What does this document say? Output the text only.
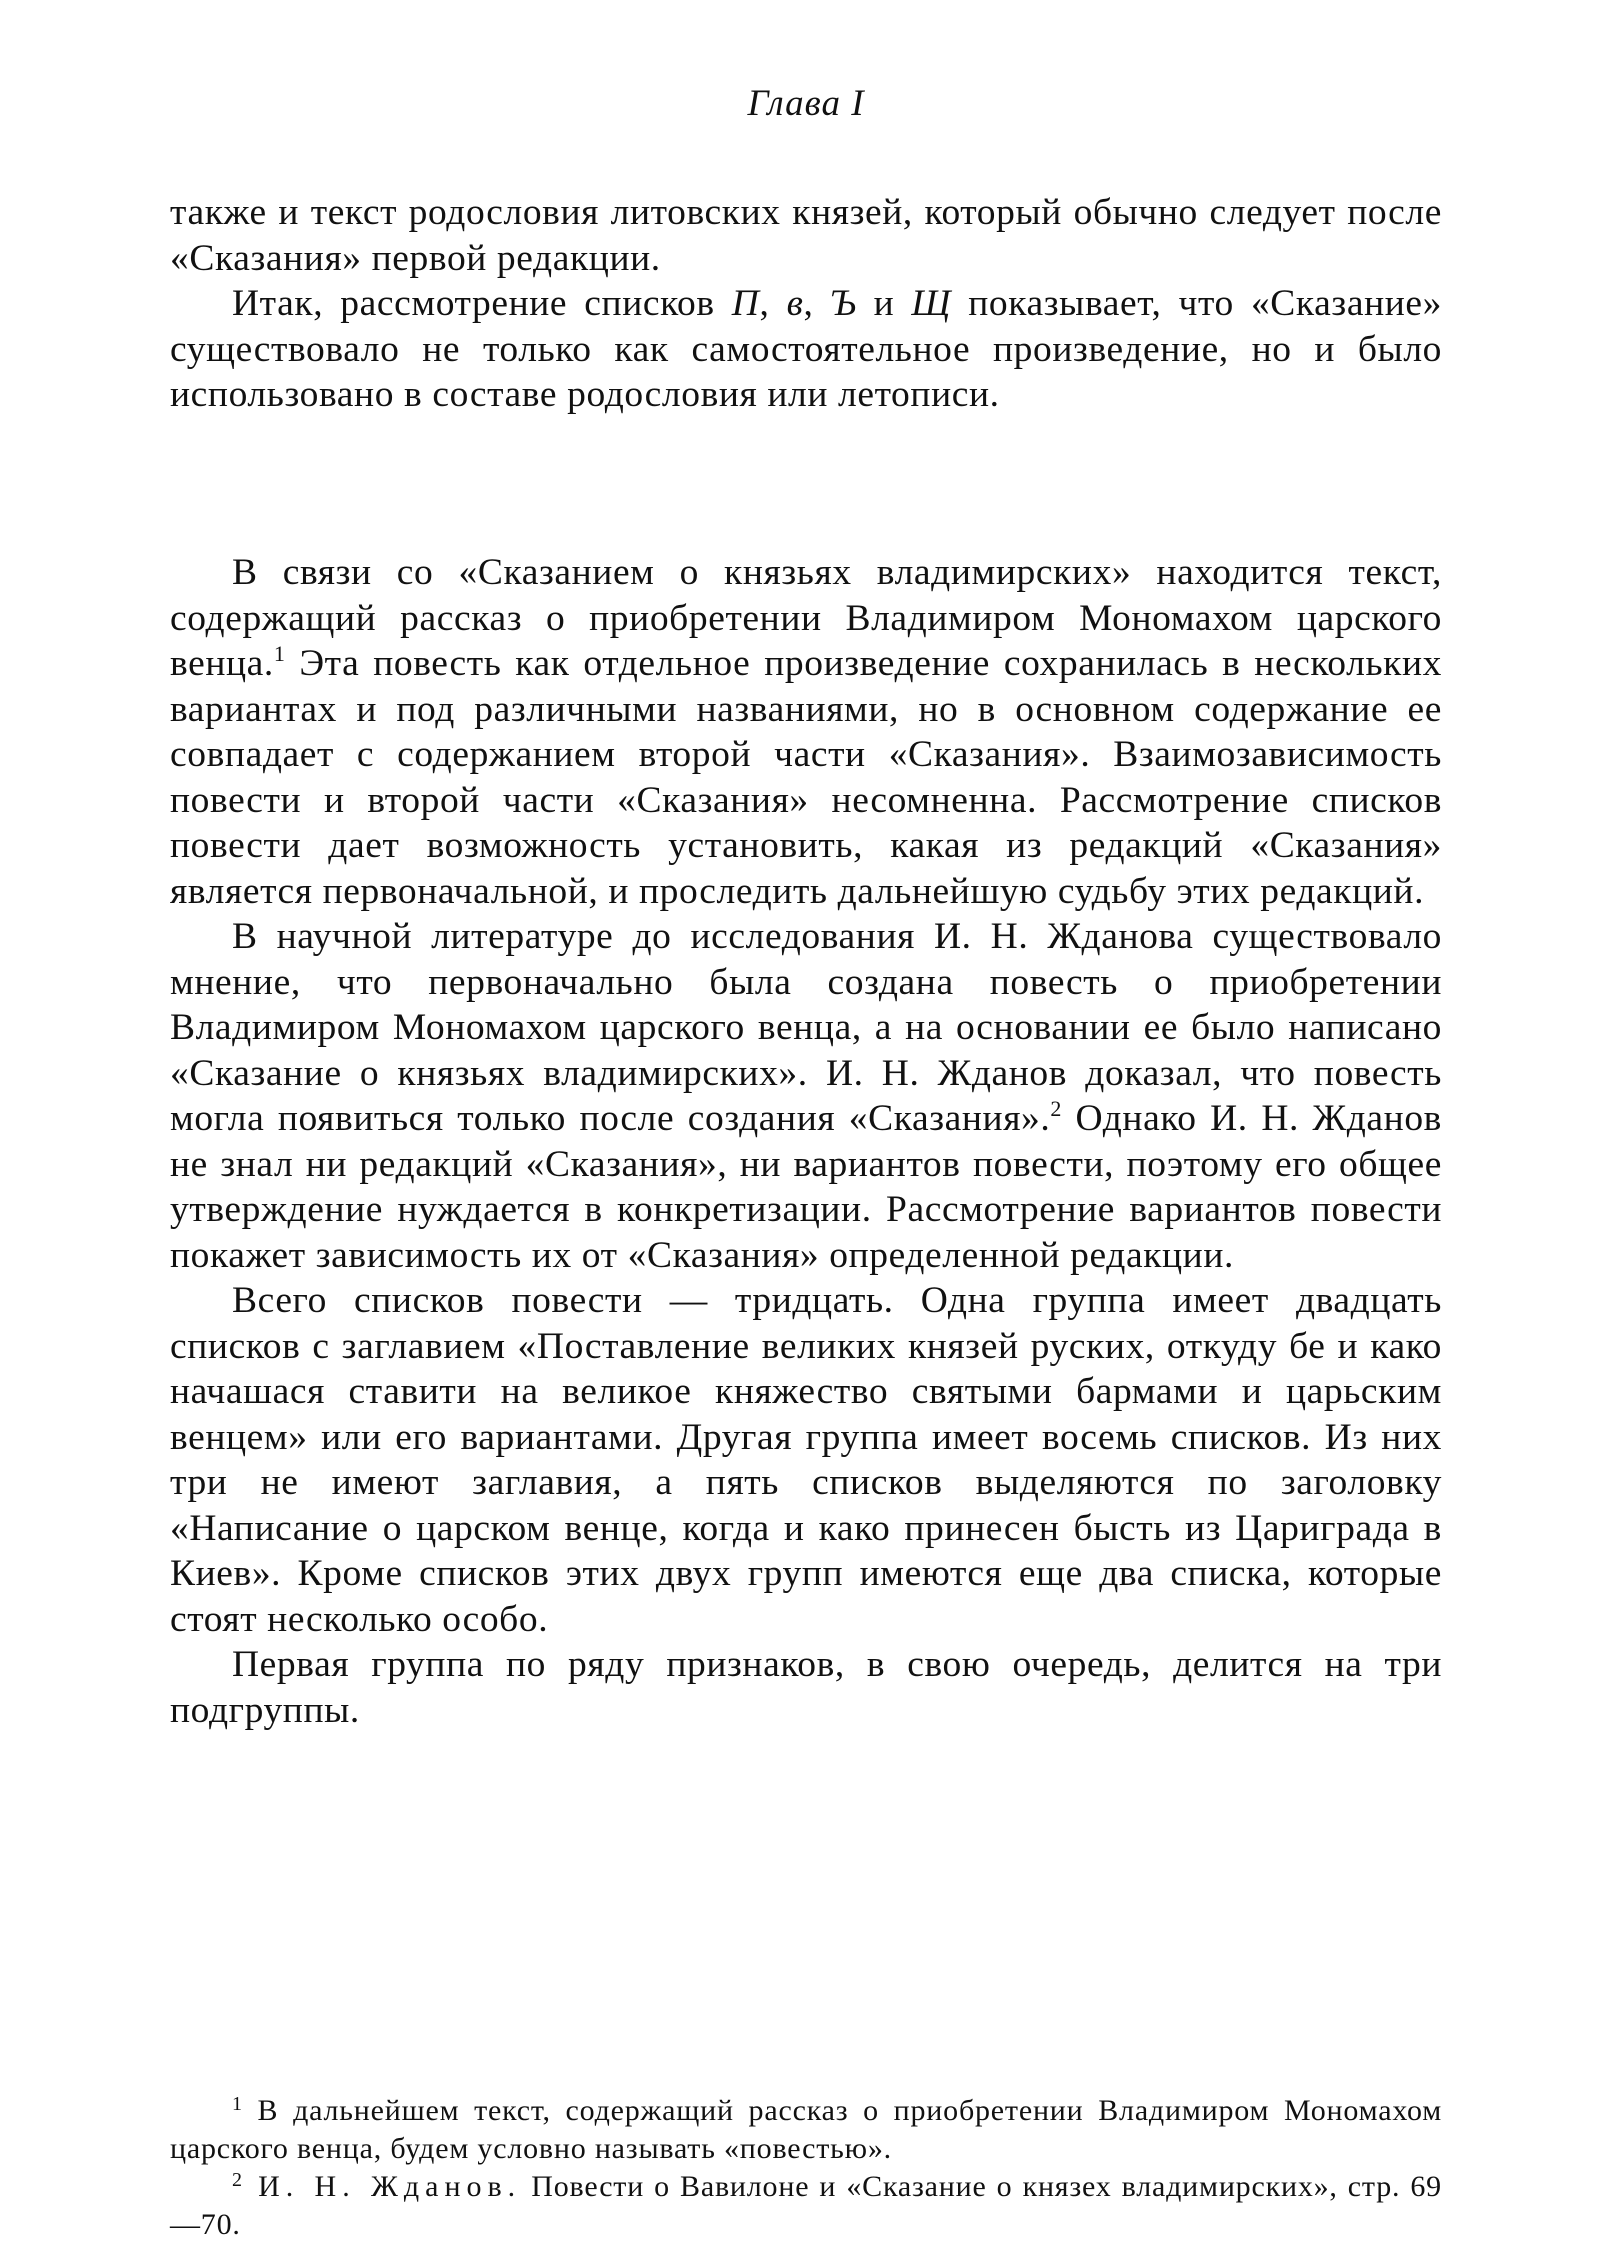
Глава I

также и текст родословия литовских князей, который обычно следует после «Сказания» первой редакции.

Итак, рассмотрение списков П, в, Ъ и Щ показывает, что «Сказание» существовало не только как самостоятельное произведение, но и было использовано в составе родословия или летописи.

В связи со «Сказанием о князьях владимирских» находится текст, содержащий рассказ о приобретении Владимиром Мономахом царского венца.$^1$ Эта повесть как отдельное произведение сохранилась в нескольких вариантах и под различными названиями, но в основном содержание ее совпадает с содержанием второй части «Сказания». Взаимозависимость повести и второй части «Сказания» несомненна. Рассмотрение списков повести дает возможность установить, какая из редакций «Сказания» является первоначальной, и проследить дальнейшую судьбу этих редакций.

В научной литературе до исследования И. Н. Жданова существовало мнение, что первоначально была создана повесть о приобретении Владимиром Мономахом царского венца, а на основании ее было написано «Сказание о князьях владимирских». И. Н. Жданов доказал, что повесть могла появиться только после создания «Сказания».$^2$ Однако И. Н. Жданов не знал ни редакций «Сказания», ни вариантов повести, поэтому его общее утверждение нуждается в конкретизации. Рассмотрение вариантов повести покажет зависимость их от «Сказания» определенной редакции.

Всего списков повести — тридцать. Одна группа имеет двадцать списков с заглавием «Поставление великих князей руских, откуду бе и како начашася ставити на великое княжество святыми бармами и царьским венцем» или его вариантами. Другая группа имеет восемь списков. Из них три не имеют заглавия, а пять списков выделяются по заголовку «Написание о царском венце, когда и како принесен бысть из Цариграда в Киев». Кроме списков этих двух групп имеются еще два списка, которые стоят несколько особо.

Первая группа по ряду признаков, в свою очередь, делится на три подгруппы.

$^1$ В дальнейшем текст, содержащий рассказ о приобретении Владимиром Мономахом царского венца, будем условно называть «повестью».

$^2$ И. Н. Жданов. Повести о Вавилоне и «Сказание о князех владимирских», стр. 69—70.
